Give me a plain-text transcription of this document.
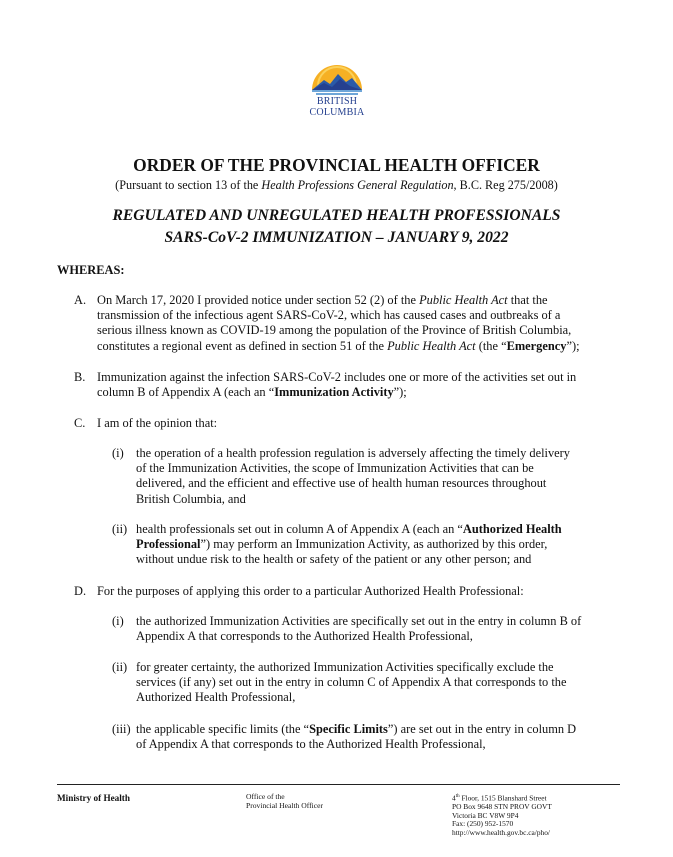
BRITISH
COLUMBIA
ORDER OF THE PROVINCIAL HEALTH OFFICER
(Pursuant to section 13 of the Health Professions General Regulation, B.C. Reg 275/2008)
REGULATED AND UNREGULATED HEALTH PROFESSIONALS
SARS-CoV-2 IMMUNIZATION – JANUARY 9, 2022
WHEREAS:
A. On March 17, 2020 I provided notice under section 52 (2) of the Public Health Act that the
transmission of the infectious agent SARS-CoV-2, which has caused cases and outbreaks of a
serious illness known as COVID-19 among the population of the Province of British Columbia,
constitutes a regional event as defined in section 51 of the Public Health Act (the “Emergency”);
B. Immunization against the infection SARS-CoV-2 includes one or more of the activities set out in
column B of Appendix A (each an “Immunization Activity”);
C. I am of the opinion that:
(i) the operation of a health profession regulation is adversely affecting the timely delivery
of the Immunization Activities, the scope of Immunization Activities that can be
delivered, and the efficient and effective use of health human resources throughout
British Columbia, and
(ii) health professionals set out in column A of Appendix A (each an “Authorized Health
Professional”) may perform an Immunization Activity, as authorized by this order,
without undue risk to the health or safety of the patient or any other person; and
D. For the purposes of applying this order to a particular Authorized Health Professional:
(i) the authorized Immunization Activities are specifically set out in the entry in column B of
Appendix A that corresponds to the Authorized Health Professional,
(ii) for greater certainty, the authorized Immunization Activities specifically exclude the
services (if any) set out in the entry in column C of Appendix A that corresponds to the
Authorized Health Professional,
(iii) the applicable specific limits (the “Specific Limits”) are set out in the entry in column D
of Appendix A that corresponds to the Authorized Health Professional,
Ministry of Health	Office of the
Provincial Health Officer
4th Floor, 1515 Blanshard Street
PO Box 9648 STN PROV GOVT
Victoria BC V8W 9P4
Fax: (250) 952-1570
http://www.health.gov.bc.ca/pho/
